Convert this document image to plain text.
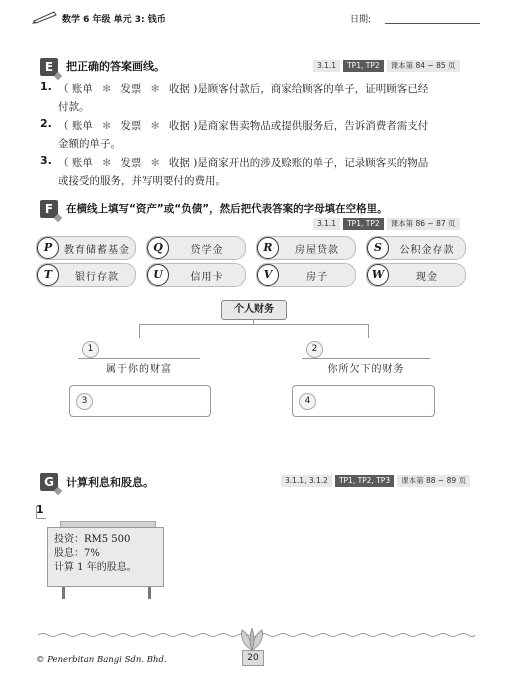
数学 6 年级 单元 3: 钱币	日期:
E	把正确的答案画线。	3.1.1	TP1, TP2	课本第 84 ~ 85 页
1. （ 账单 ✻ 发票 ✻ 收据 )是顾客付款后，商家给顾客的单子，证明顾客已经
付款。
2. （ 账单 ✻ 发票 ✻ 收据 )是商家售卖物品或提供服务后，告诉消费者需支付
金额的单子。
3. （ 账单 ✻ 发票 ✻ 收据 )是商家开出的涉及赊账的单子，记录顾客买的物品
或接受的服务，并写明要付的费用。
F	在横线上填写“资产”或“负债”，然后把代表答案的字母填在空格里。
3.1.1	TP1, TP2	课本第 86 ~ 87 页
P	教育储蓄基金	Q	贷学金	R	房屋贷款	S	公积金存款
T	银行存款	U	信用卡	V	房子	W	现金
个人财务
1
属于你的财富
2
你所欠下的财务
3	4
G	计算利息和股息。	3.1.1, 3.1.2	TP1, TP2, TP3	课本第 88 ~ 89 页
1
投资：RM5 500
股息：7%
计算 1 年的股息。
20
© Penerbitan Bangi Sdn. Bhd.
